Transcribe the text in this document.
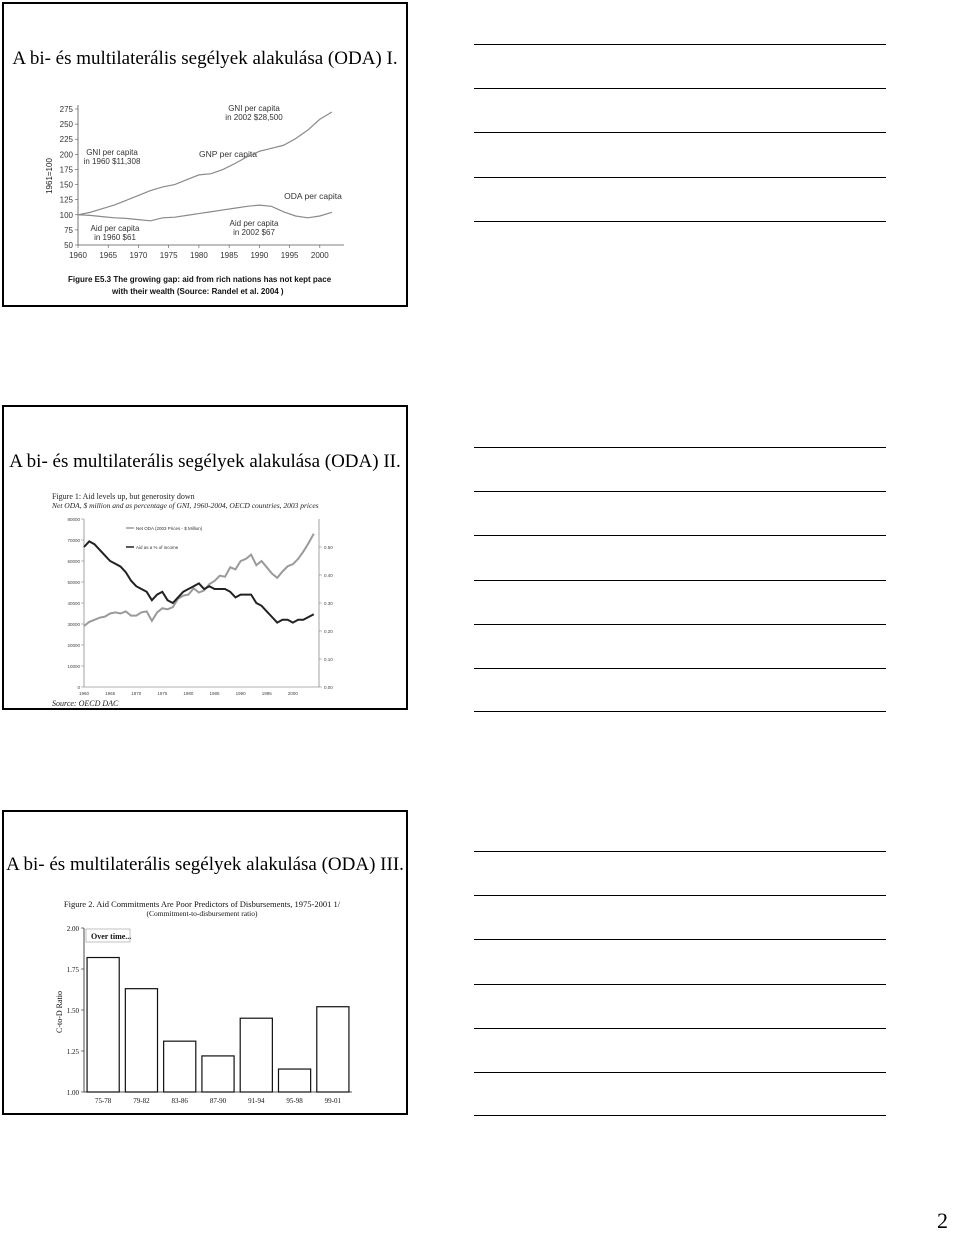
A bi- és multilaterális segélyek alakulása (ODA) I.
1961=100
GNI per capita
in 2002 $28,500
GNI per capita
in 1960 $11,308
GNP per capita
ODA per capita
Aid per capita
in 1960 $61
Aid per capita
in 2002 $67
Figure E5.3 The growing gap: aid from rich nations has not kept pace
with their wealth (Source: Randel et al. 2004 )
275
250
225
200
175
150
125
100
75
50
1960 1965 1970 1975 1980 1985 1990 1995 2000
A bi- és multilaterális segélyek alakulása (ODA) II.
Figure 1: Aid levels up, but generosity down
Net ODA, $ million and as percentage of GNI, 1960-2004, OECD countries, 2003 prices
Source: OECD DAC
80000
70000
60000
50000
40000
30000
20000
10000
0
0.50
0.40
0.30
0.20
0.10
0.00
1960	1965	1970	1975	1980	1985	1990	1995	2000
Net ODA (2003 Prices - $ Million)
Aid as a % of income
A bi- és multilaterális segélyek alakulása (ODA) III.
Figure 2. Aid Commitments Are Poor Predictors of Disbursements, 1975-2001 1/
(Commitment-to-disbursement ratio)
C-to-D Ratio
Over time...
2.00
1.75
1.50
1.25
1.00
75-78	79-82	83-86	87-90	91-94	95-98	99-01
2
